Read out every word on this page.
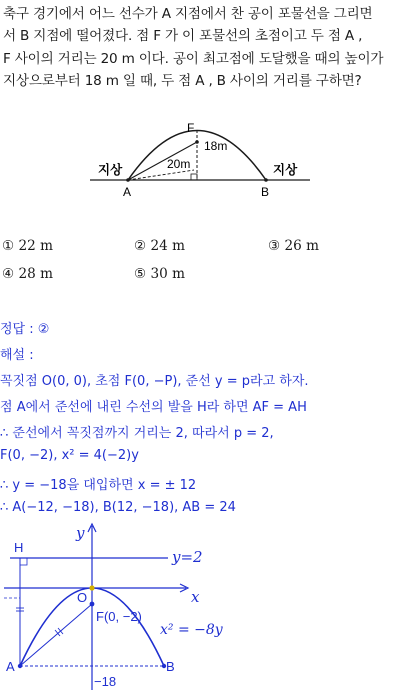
축구 경기에서 어느 선수가 A 지점에서 찬 공이 포물선을 그리면
서 B 지점에 떨어졌다. 점 F 가 이 포물선의 초점이고 두 점 A ,
F 사이의 거리는 20 m 이다. 공이 최고점에 도달했을 때의 높이가
지상으로부터 18 m 일 때, 두 점 A , B 사이의 거리를 구하면?
F
18m
20m
지상	지상
A	B
① 22 m	② 24 m	③ 26 m
④ 28 m	⑤ 30 m
정답 : ②
해설 :
꼭짓점 O(0, 0), 초점 F(0, −P), 준선 y = p라고 하자.
점 A에서 준선에 내린 수선의 발을 H라 하면 AF = AH
∴ 준선에서 꼭짓점까지 거리는 2, 따라서 p = 2,
F(0, −2), x² = 4(−2)y
∴ y = −18을 대입하면 x = ± 12
∴ A(−12, −18), B(12, −18), AB = 24
y
H
y=2
O	x
F(0, −2)
x² = −8y
A	B
−18
